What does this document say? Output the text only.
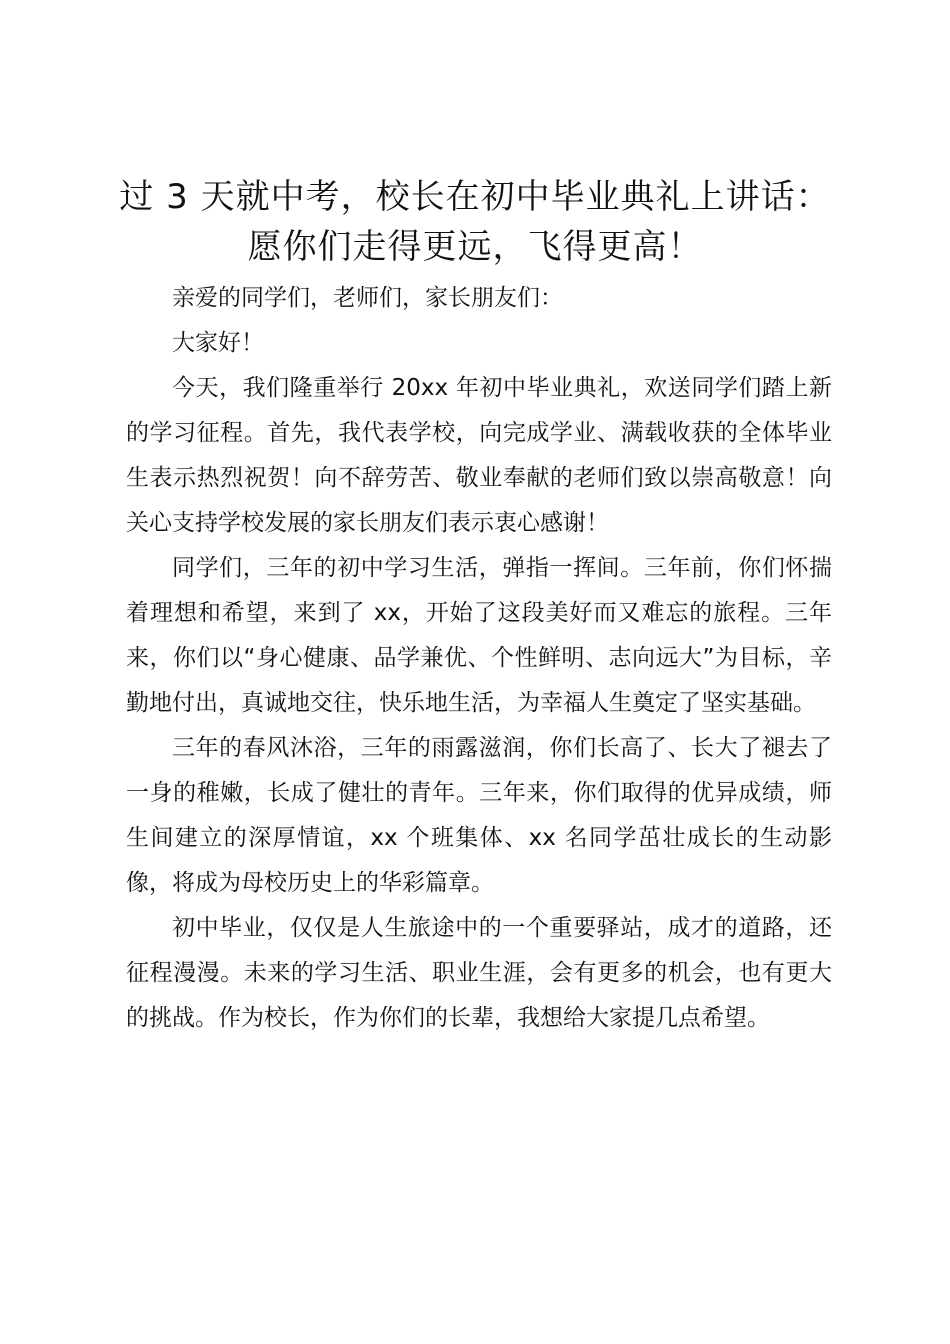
过 3 天就中考，校长在初中毕业典礼上讲话：
愿你们走得更远，飞得更高！

亲爱的同学们，老师们，家长朋友们：

大家好！

今天，我们隆重举行 20xx 年初中毕业典礼，欢送同学们踏上新的学习征程。首先，我代表学校，向完成学业、满载收获的全体毕业生表示热烈祝贺！向不辞劳苦、敬业奉献的老师们致以崇高敬意！向关心支持学校发展的家长朋友们表示衷心感谢！

同学们，三年的初中学习生活，弹指一挥间。三年前，你们怀揣着理想和希望，来到了 xx，开始了这段美好而又难忘的旅程。三年来，你们以“身心健康、品学兼优、个性鲜明、志向远大”为目标，辛勤地付出，真诚地交往，快乐地生活，为幸福人生奠定了坚实基础。

三年的春风沐浴，三年的雨露滋润，你们长高了、长大了褪去了一身的稚嫩，长成了健壮的青年。三年来，你们取得的优异成绩，师生间建立的深厚情谊，xx 个班集体、xx 名同学茁壮成长的生动影像，将成为母校历史上的华彩篇章。

初中毕业，仅仅是人生旅途中的一个重要驿站，成才的道路，还征程漫漫。未来的学习生活、职业生涯，会有更多的机会，也有更大的挑战。作为校长，作为你们的长辈，我想给大家提几点希望。
